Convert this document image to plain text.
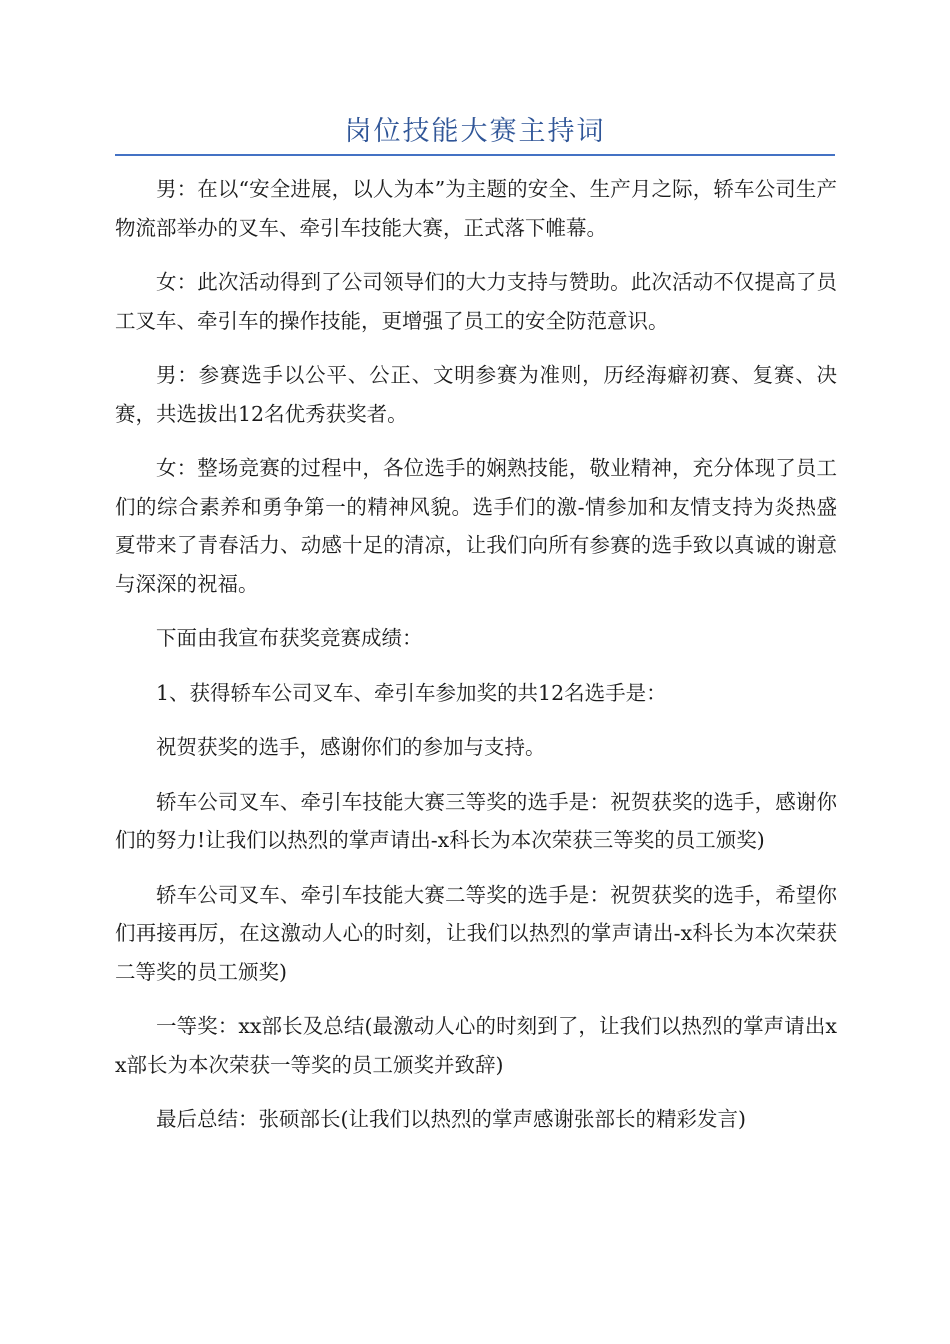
岗位技能大赛主持词

男：在以“安全进展，以人为本”为主题的安全、生产月之际，轿车公司生产物流部举办的叉车、牵引车技能大赛，正式落下帷幕。

女：此次活动得到了公司领导们的大力支持与赞助。此次活动不仅提高了员工叉车、牵引车的操作技能，更增强了员工的安全防范意识。

男：参赛选手以公平、公正、文明参赛为准则，历经海癖初赛、复赛、决赛，共选拔出12名优秀获奖者。

女：整场竞赛的过程中，各位选手的娴熟技能，敬业精神，充分体现了员工们的综合素养和勇争第一的精神风貌。选手们的激-情参加和友情支持为炎热盛夏带来了青春活力、动感十足的清凉，让我们向所有参赛的选手致以真诚的谢意与深深的祝福。

下面由我宣布获奖竞赛成绩：

1、获得轿车公司叉车、牵引车参加奖的共12名选手是：

祝贺获奖的选手，感谢你们的参加与支持。

轿车公司叉车、牵引车技能大赛三等奖的选手是：祝贺获奖的选手，感谢你们的努力!让我们以热烈的掌声请出-x科长为本次荣获三等奖的员工颁奖)

轿车公司叉车、牵引车技能大赛二等奖的选手是：祝贺获奖的选手，希望你们再接再厉，在这激动人心的时刻，让我们以热烈的掌声请出-x科长为本次荣获二等奖的员工颁奖)

一等奖：xx部长及总结(最激动人心的时刻到了，让我们以热烈的掌声请出xx部长为本次荣获一等奖的员工颁奖并致辞)

最后总结：张硕部长(让我们以热烈的掌声感谢张部长的精彩发言)
